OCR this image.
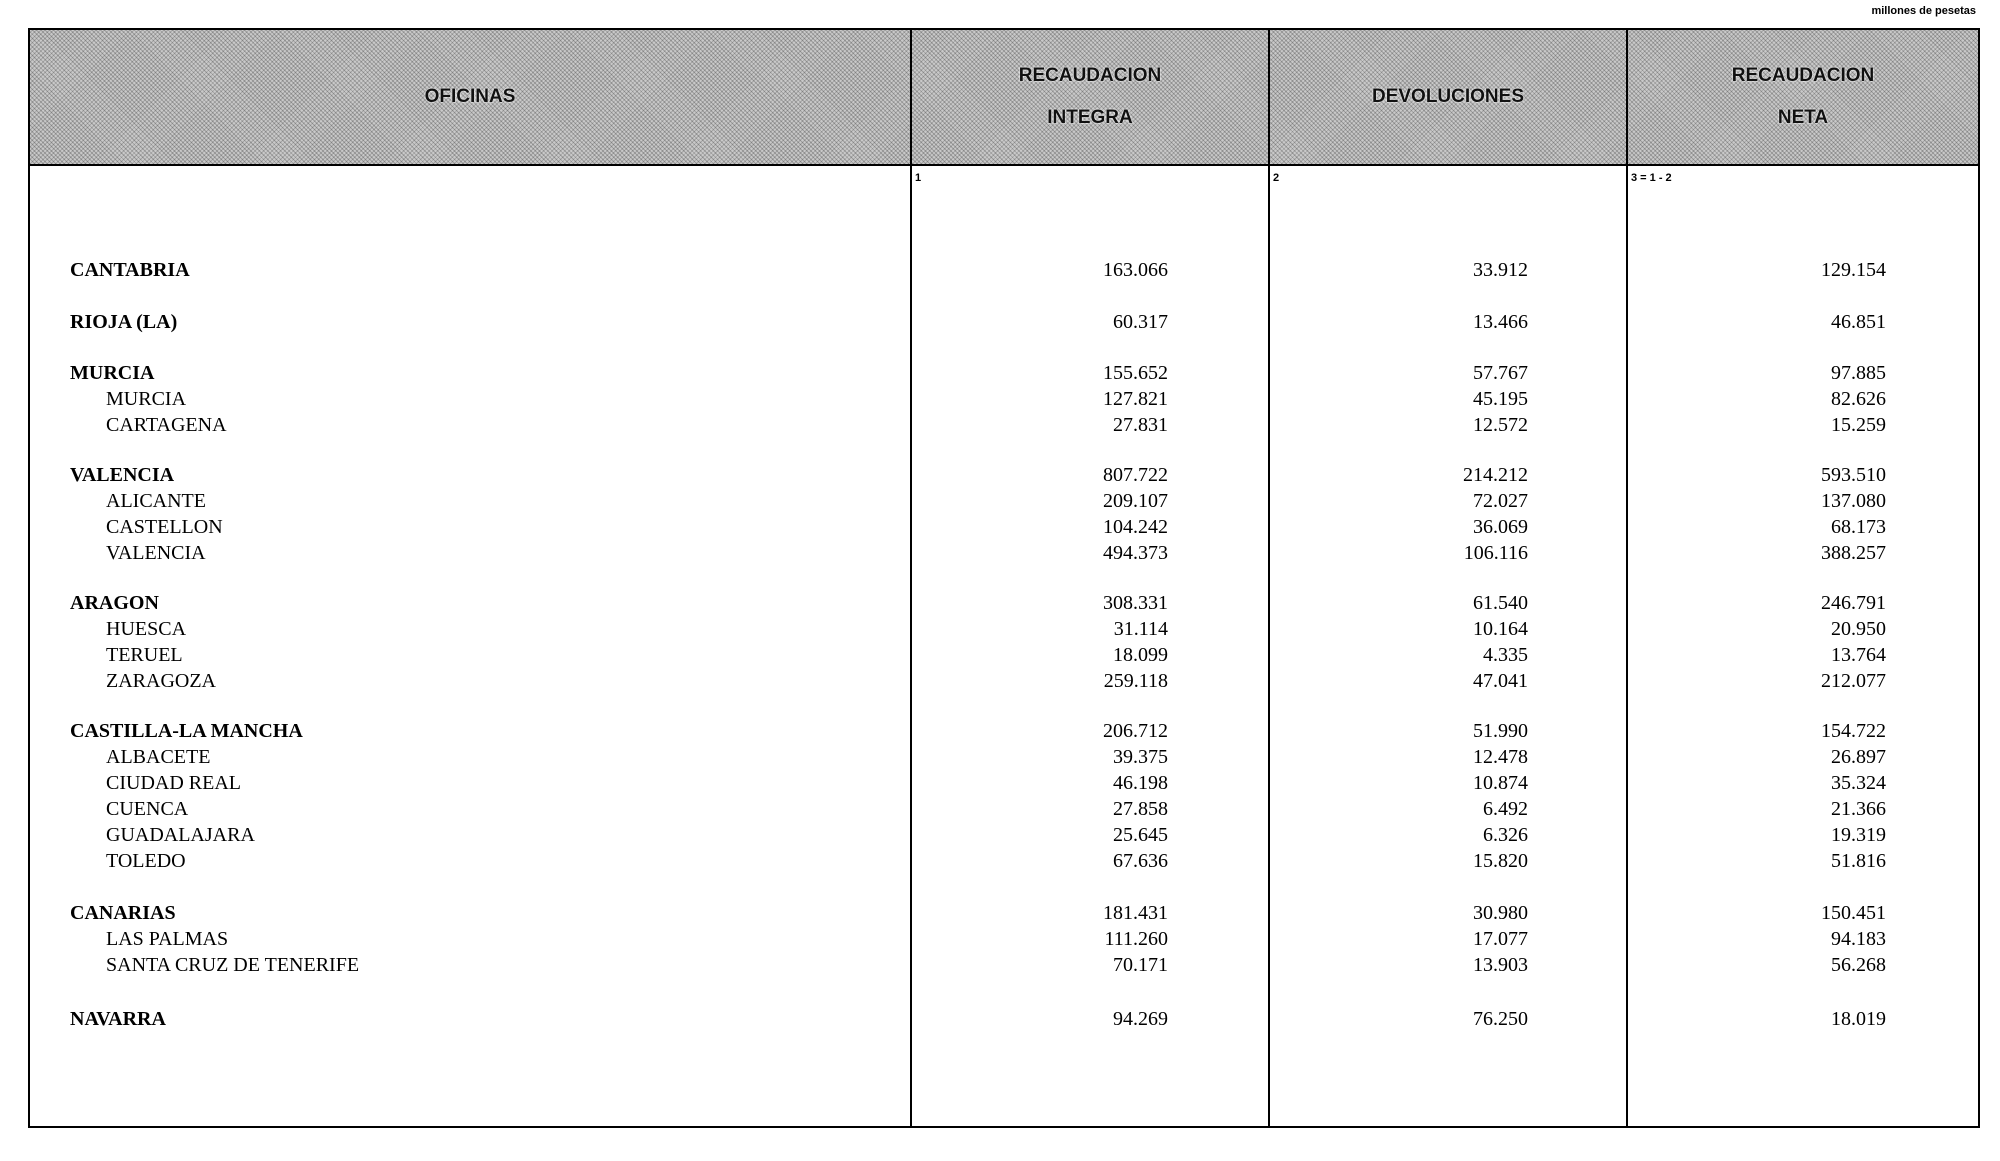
millones de pesetas
OFICINAS
RECAUDACION
INTEGRA
DEVOLUCIONES
RECAUDACION
NETA
1	2	3 = 1 - 2
CANTABRIA	163.066	33.912	129.154
RIOJA (LA)	60.317	13.466	46.851
MURCIA	155.652	57.767	97.885
MURCIA	127.821	45.195	82.626
CARTAGENA	27.831	12.572	15.259
VALENCIA	807.722	214.212	593.510
ALICANTE	209.107	72.027	137.080
CASTELLON	104.242	36.069	68.173
VALENCIA	494.373	106.116	388.257
ARAGON	308.331	61.540	246.791
HUESCA	31.114	10.164	20.950
TERUEL	18.099	4.335	13.764
ZARAGOZA	259.118	47.041	212.077
CASTILLA-LA MANCHA	206.712	51.990	154.722
ALBACETE	39.375	12.478	26.897
CIUDAD REAL	46.198	10.874	35.324
CUENCA	27.858	6.492	21.366
GUADALAJARA	25.645	6.326	19.319
TOLEDO	67.636	15.820	51.816
CANARIAS	181.431	30.980	150.451
LAS PALMAS	111.260	17.077	94.183
SANTA CRUZ DE TENERIFE	70.171	13.903	56.268
NAVARRA	94.269	76.250	18.019
